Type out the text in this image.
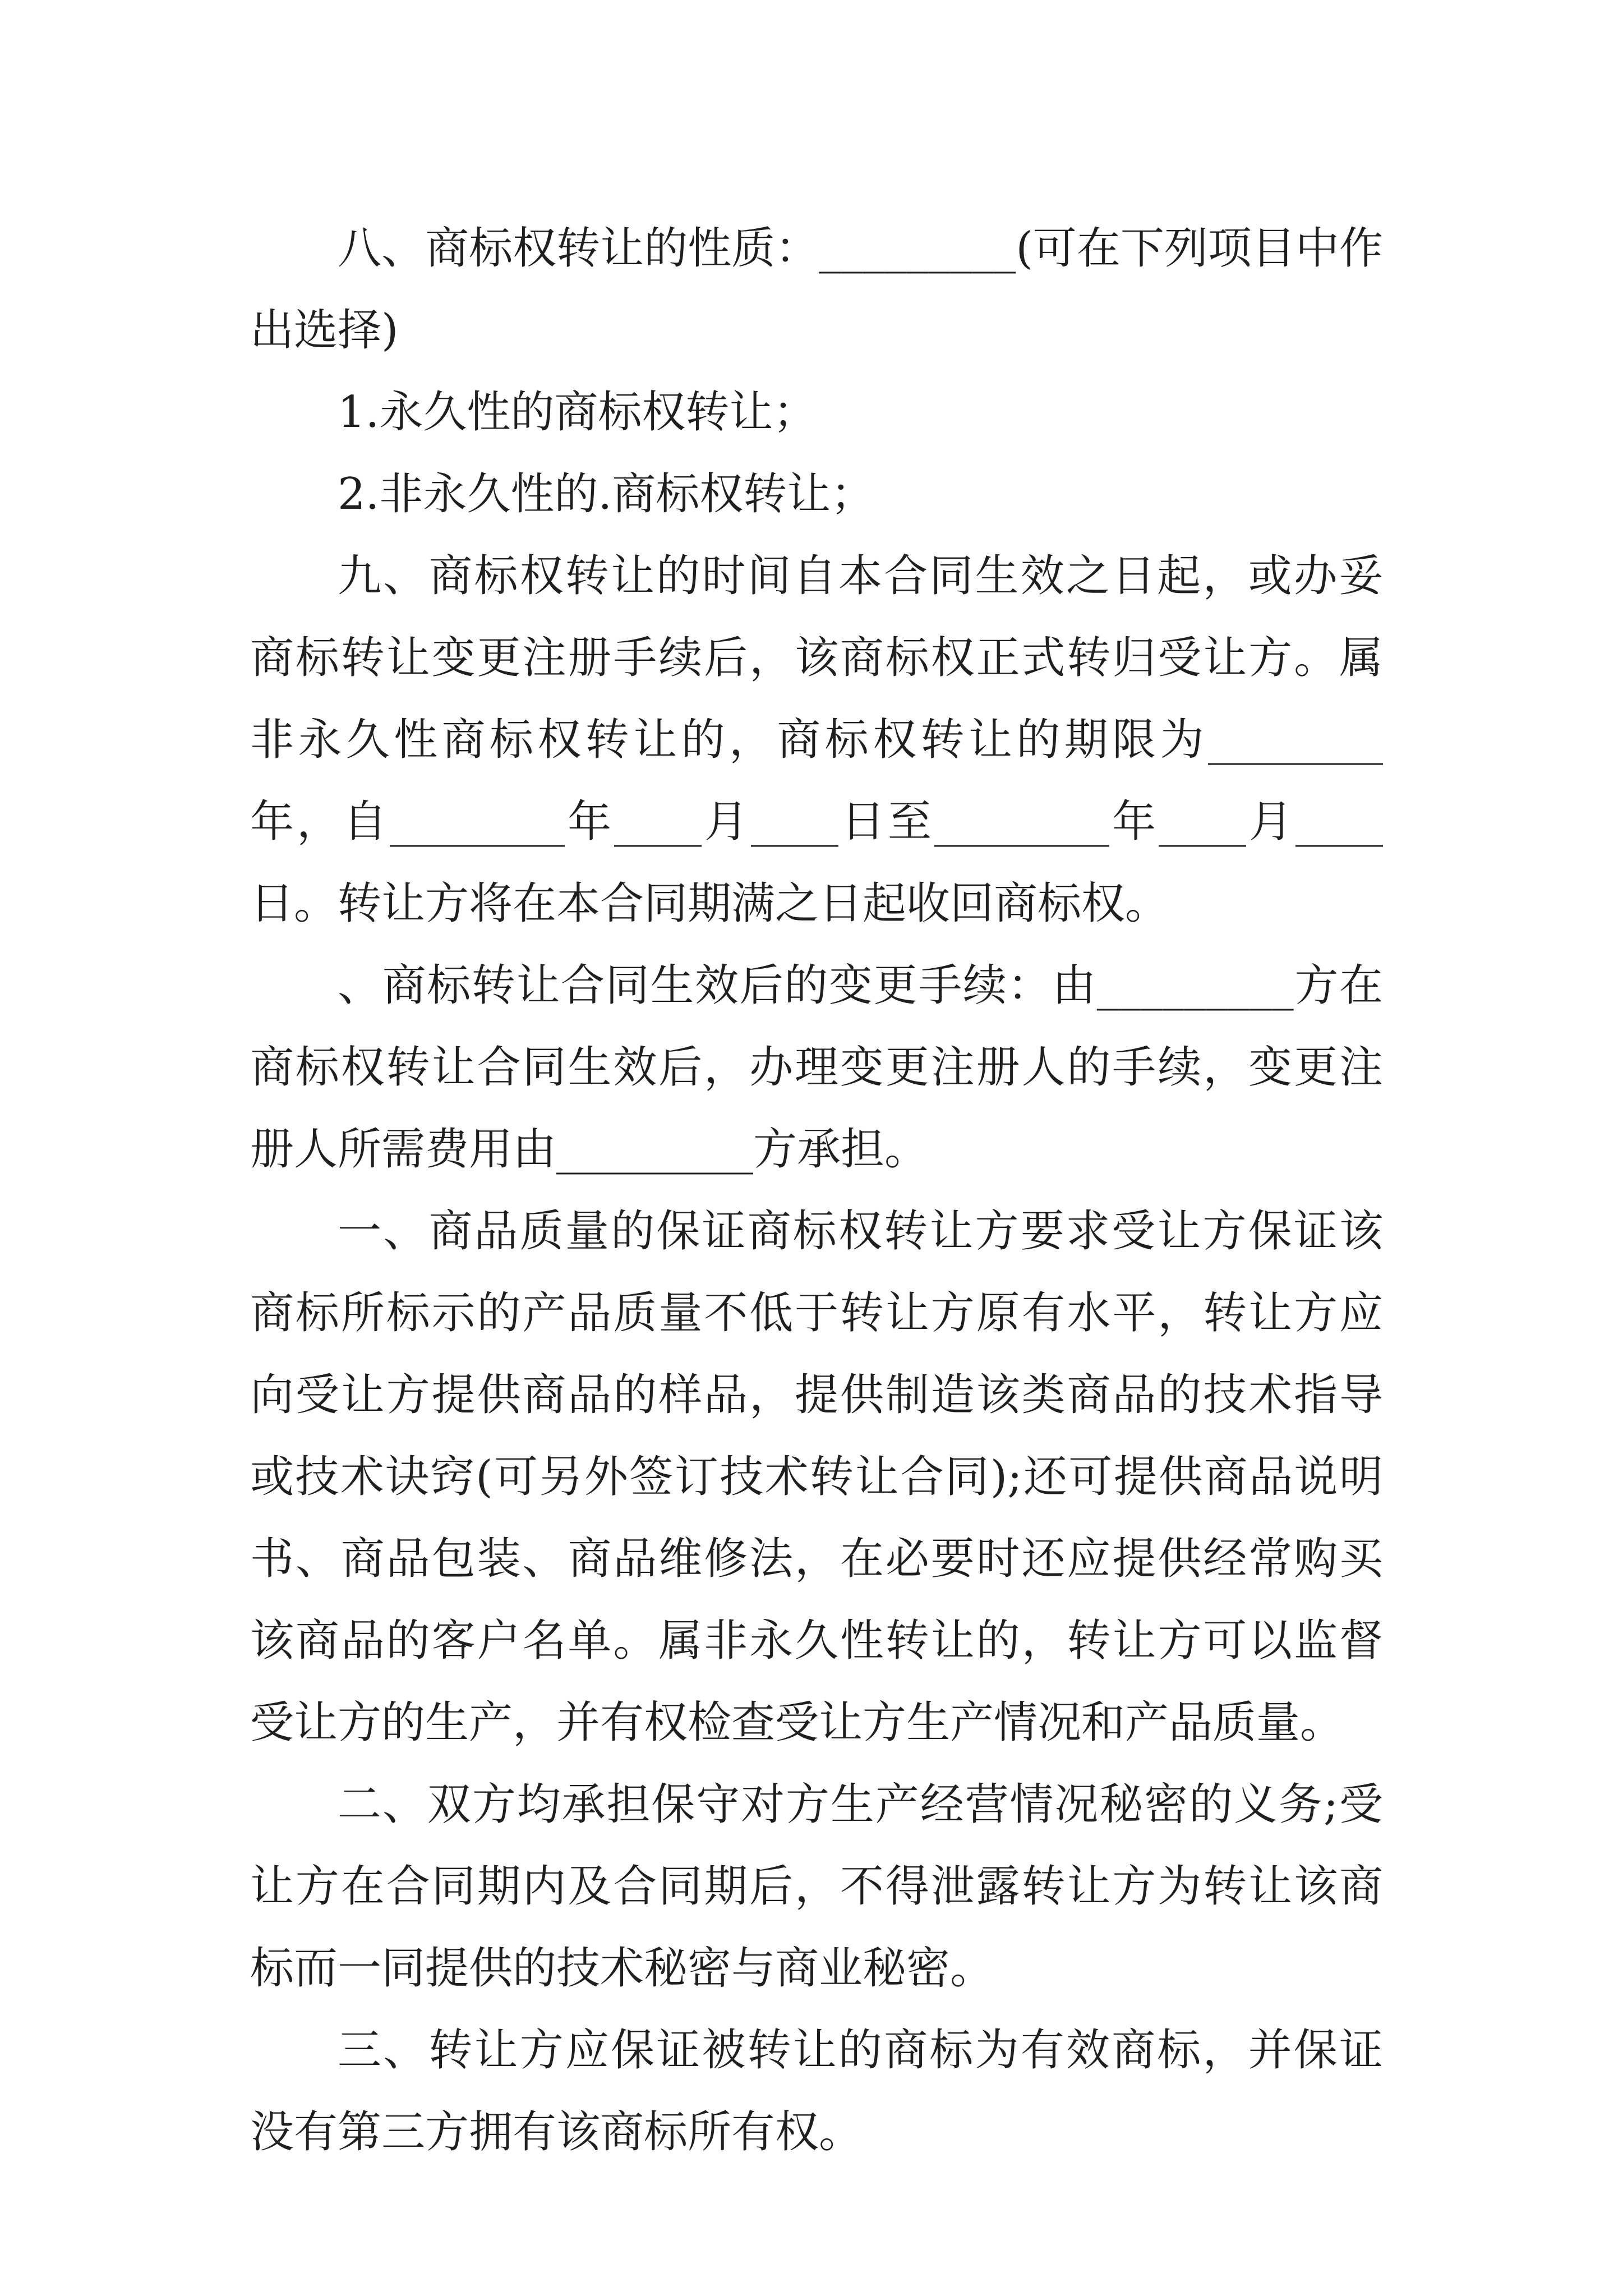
八、商标权转让的性质：_________(可在下列项目中作出选择)

1.永久性的商标权转让；

2.非永久性的.商标权转让；

九、商标权转让的时间自本合同生效之日起，或办妥商标转让变更注册手续后，该商标权正式转归受让方。属非永久性商标权转让的，商标权转让的期限为________年，自________年____月____日至________年____月____日。转让方将在本合同期满之日起收回商标权。

、商标转让合同生效后的变更手续：由_________方在商标权转让合同生效后，办理变更注册人的手续，变更注册人所需费用由_________方承担。

一、商品质量的保证商标权转让方要求受让方保证该商标所标示的产品质量不低于转让方原有水平，转让方应向受让方提供商品的样品，提供制造该类商品的技术指导或技术诀窍(可另外签订技术转让合同);还可提供商品说明书、商品包装、商品维修法，在必要时还应提供经常购买该商品的客户名单。属非永久性转让的，转让方可以监督受让方的生产，并有权检查受让方生产情况和产品质量。

二、双方均承担保守对方生产经营情况秘密的义务;受让方在合同期内及合同期后，不得泄露转让方为转让该商标而一同提供的技术秘密与商业秘密。

三、转让方应保证被转让的商标为有效商标，并保证没有第三方拥有该商标所有权。
